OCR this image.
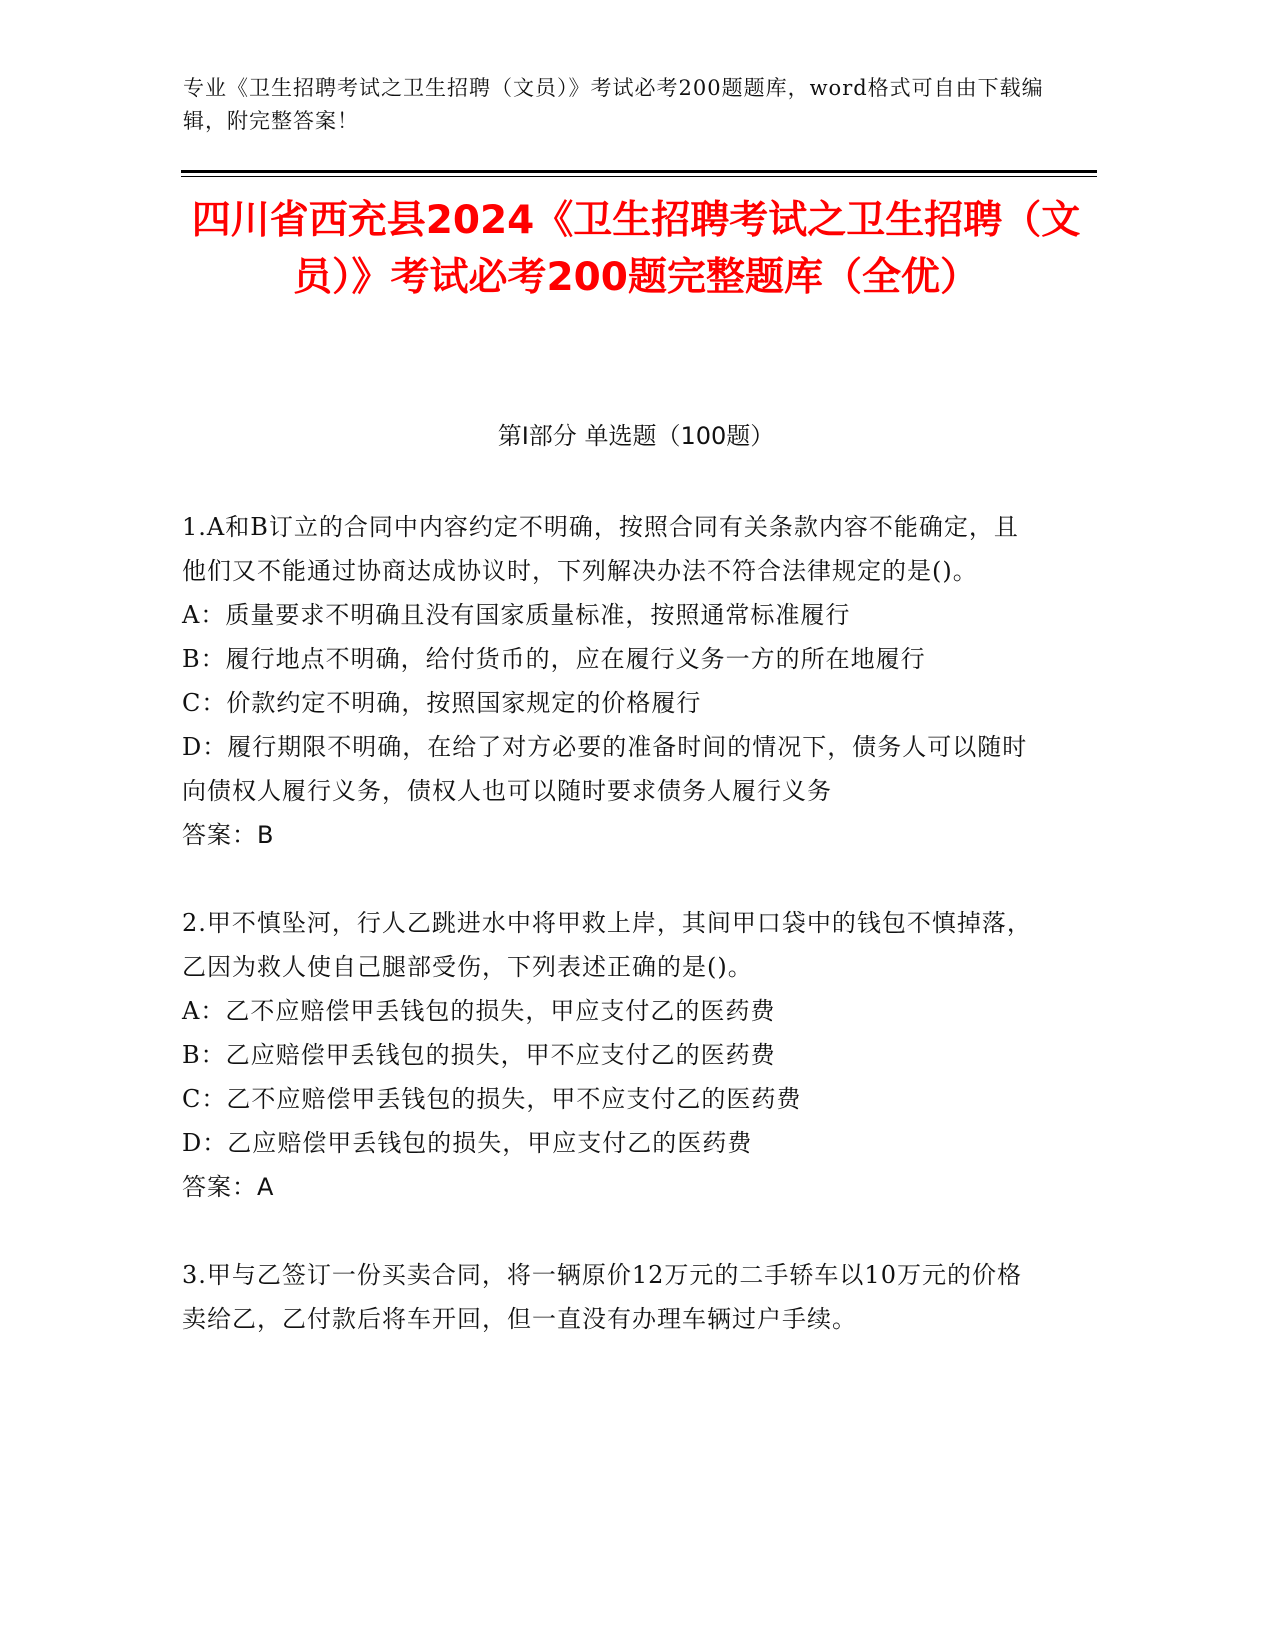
专业《卫生招聘考试之卫生招聘（文员）》考试必考200题题库，word格式可自由下载编辑，附完整答案！
四川省西充县2024《卫生招聘考试之卫生招聘（文员）》考试必考200题完整题库（全优）
第I部分 单选题（100题）

1.A和B订立的合同中内容约定不明确，按照合同有关条款内容不能确定，且他们又不能通过协商达成协议时，下列解决办法不符合法律规定的是()。

A：质量要求不明确且没有国家质量标准，按照通常标准履行

B：履行地点不明确，给付货币的，应在履行义务一方的所在地履行

C：价款约定不明确，按照国家规定的价格履行

D：履行期限不明确，在给了对方必要的准备时间的情况下，债务人可以随时向债权人履行义务，债权人也可以随时要求债务人履行义务

答案：B

2.甲不慎坠河，行人乙跳进水中将甲救上岸，其间甲口袋中的钱包不慎掉落，乙因为救人使自己腿部受伤，下列表述正确的是()。

A：乙不应赔偿甲丢钱包的损失，甲应支付乙的医药费

B：乙应赔偿甲丢钱包的损失，甲不应支付乙的医药费

C：乙不应赔偿甲丢钱包的损失，甲不应支付乙的医药费

D：乙应赔偿甲丢钱包的损失，甲应支付乙的医药费

答案：A

3.甲与乙签订一份买卖合同，将一辆原价12万元的二手轿车以10万元的价格卖给乙，乙付款后将车开回，但一直没有办理车辆过户手续。
